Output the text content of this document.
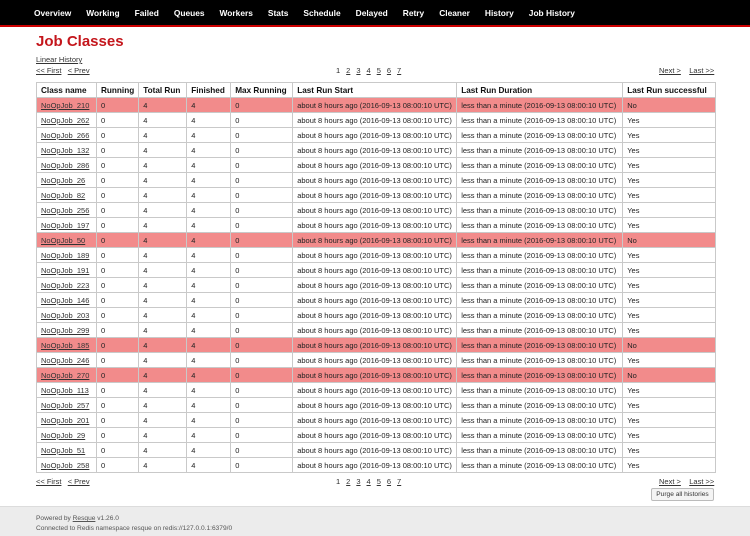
Overview Working Failed Queues Workers Stats Schedule Delayed Retry Cleaner History Job History
Job Classes
Linear History
<< First < Prev	1 2 3 4 5 6 7	Next > Last >>
Class name	Running	Total Run	Finished	Max Running	Last Run Start	Last Run Duration	Last Run successful
NoOpJob_210	0	4	4	0	about 8 hours ago (2016-09-13 08:00:10 UTC)	less than a minute (2016-09-13 08:00:10 UTC)	No
NoOpJob_262	0	4	4	0	about 8 hours ago (2016-09-13 08:00:10 UTC)	less than a minute (2016-09-13 08:00:10 UTC)	Yes
NoOpJob_266	0	4	4	0	about 8 hours ago (2016-09-13 08:00:10 UTC)	less than a minute (2016-09-13 08:00:10 UTC)	Yes
NoOpJob_132	0	4	4	0	about 8 hours ago (2016-09-13 08:00:10 UTC)	less than a minute (2016-09-13 08:00:10 UTC)	Yes
NoOpJob_286	0	4	4	0	about 8 hours ago (2016-09-13 08:00:10 UTC)	less than a minute (2016-09-13 08:00:10 UTC)	Yes
NoOpJob_26	0	4	4	0	about 8 hours ago (2016-09-13 08:00:10 UTC)	less than a minute (2016-09-13 08:00:10 UTC)	Yes
NoOpJob_82	0	4	4	0	about 8 hours ago (2016-09-13 08:00:10 UTC)	less than a minute (2016-09-13 08:00:10 UTC)	Yes
NoOpJob_256	0	4	4	0	about 8 hours ago (2016-09-13 08:00:10 UTC)	less than a minute (2016-09-13 08:00:10 UTC)	Yes
NoOpJob_197	0	4	4	0	about 8 hours ago (2016-09-13 08:00:10 UTC)	less than a minute (2016-09-13 08:00:10 UTC)	Yes
NoOpJob_50	0	4	4	0	about 8 hours ago (2016-09-13 08:00:10 UTC)	less than a minute (2016-09-13 08:00:10 UTC)	No
NoOpJob_189	0	4	4	0	about 8 hours ago (2016-09-13 08:00:10 UTC)	less than a minute (2016-09-13 08:00:10 UTC)	Yes
NoOpJob_191	0	4	4	0	about 8 hours ago (2016-09-13 08:00:10 UTC)	less than a minute (2016-09-13 08:00:10 UTC)	Yes
NoOpJob_223	0	4	4	0	about 8 hours ago (2016-09-13 08:00:10 UTC)	less than a minute (2016-09-13 08:00:10 UTC)	Yes
NoOpJob_146	0	4	4	0	about 8 hours ago (2016-09-13 08:00:10 UTC)	less than a minute (2016-09-13 08:00:10 UTC)	Yes
NoOpJob_203	0	4	4	0	about 8 hours ago (2016-09-13 08:00:10 UTC)	less than a minute (2016-09-13 08:00:10 UTC)	Yes
NoOpJob_299	0	4	4	0	about 8 hours ago (2016-09-13 08:00:10 UTC)	less than a minute (2016-09-13 08:00:10 UTC)	Yes
NoOpJob_185	0	4	4	0	about 8 hours ago (2016-09-13 08:00:10 UTC)	less than a minute (2016-09-13 08:00:10 UTC)	No
NoOpJob_246	0	4	4	0	about 8 hours ago (2016-09-13 08:00:10 UTC)	less than a minute (2016-09-13 08:00:10 UTC)	Yes
NoOpJob_270	0	4	4	0	about 8 hours ago (2016-09-13 08:00:10 UTC)	less than a minute (2016-09-13 08:00:10 UTC)	No
NoOpJob_113	0	4	4	0	about 8 hours ago (2016-09-13 08:00:10 UTC)	less than a minute (2016-09-13 08:00:10 UTC)	Yes
NoOpJob_257	0	4	4	0	about 8 hours ago (2016-09-13 08:00:10 UTC)	less than a minute (2016-09-13 08:00:10 UTC)	Yes
NoOpJob_201	0	4	4	0	about 8 hours ago (2016-09-13 08:00:10 UTC)	less than a minute (2016-09-13 08:00:10 UTC)	Yes
NoOpJob_29	0	4	4	0	about 8 hours ago (2016-09-13 08:00:10 UTC)	less than a minute (2016-09-13 08:00:10 UTC)	Yes
NoOpJob_51	0	4	4	0	about 8 hours ago (2016-09-13 08:00:10 UTC)	less than a minute (2016-09-13 08:00:10 UTC)	Yes
NoOpJob_258	0	4	4	0	about 8 hours ago (2016-09-13 08:00:10 UTC)	less than a minute (2016-09-13 08:00:10 UTC)	Yes
<< First < Prev	1 2 3 4 5 6 7	Next > Last >>
Purge all histories
Powered by Resque v1.26.0
Connected to Redis namespace resque on redis://127.0.0.1:6379/0
